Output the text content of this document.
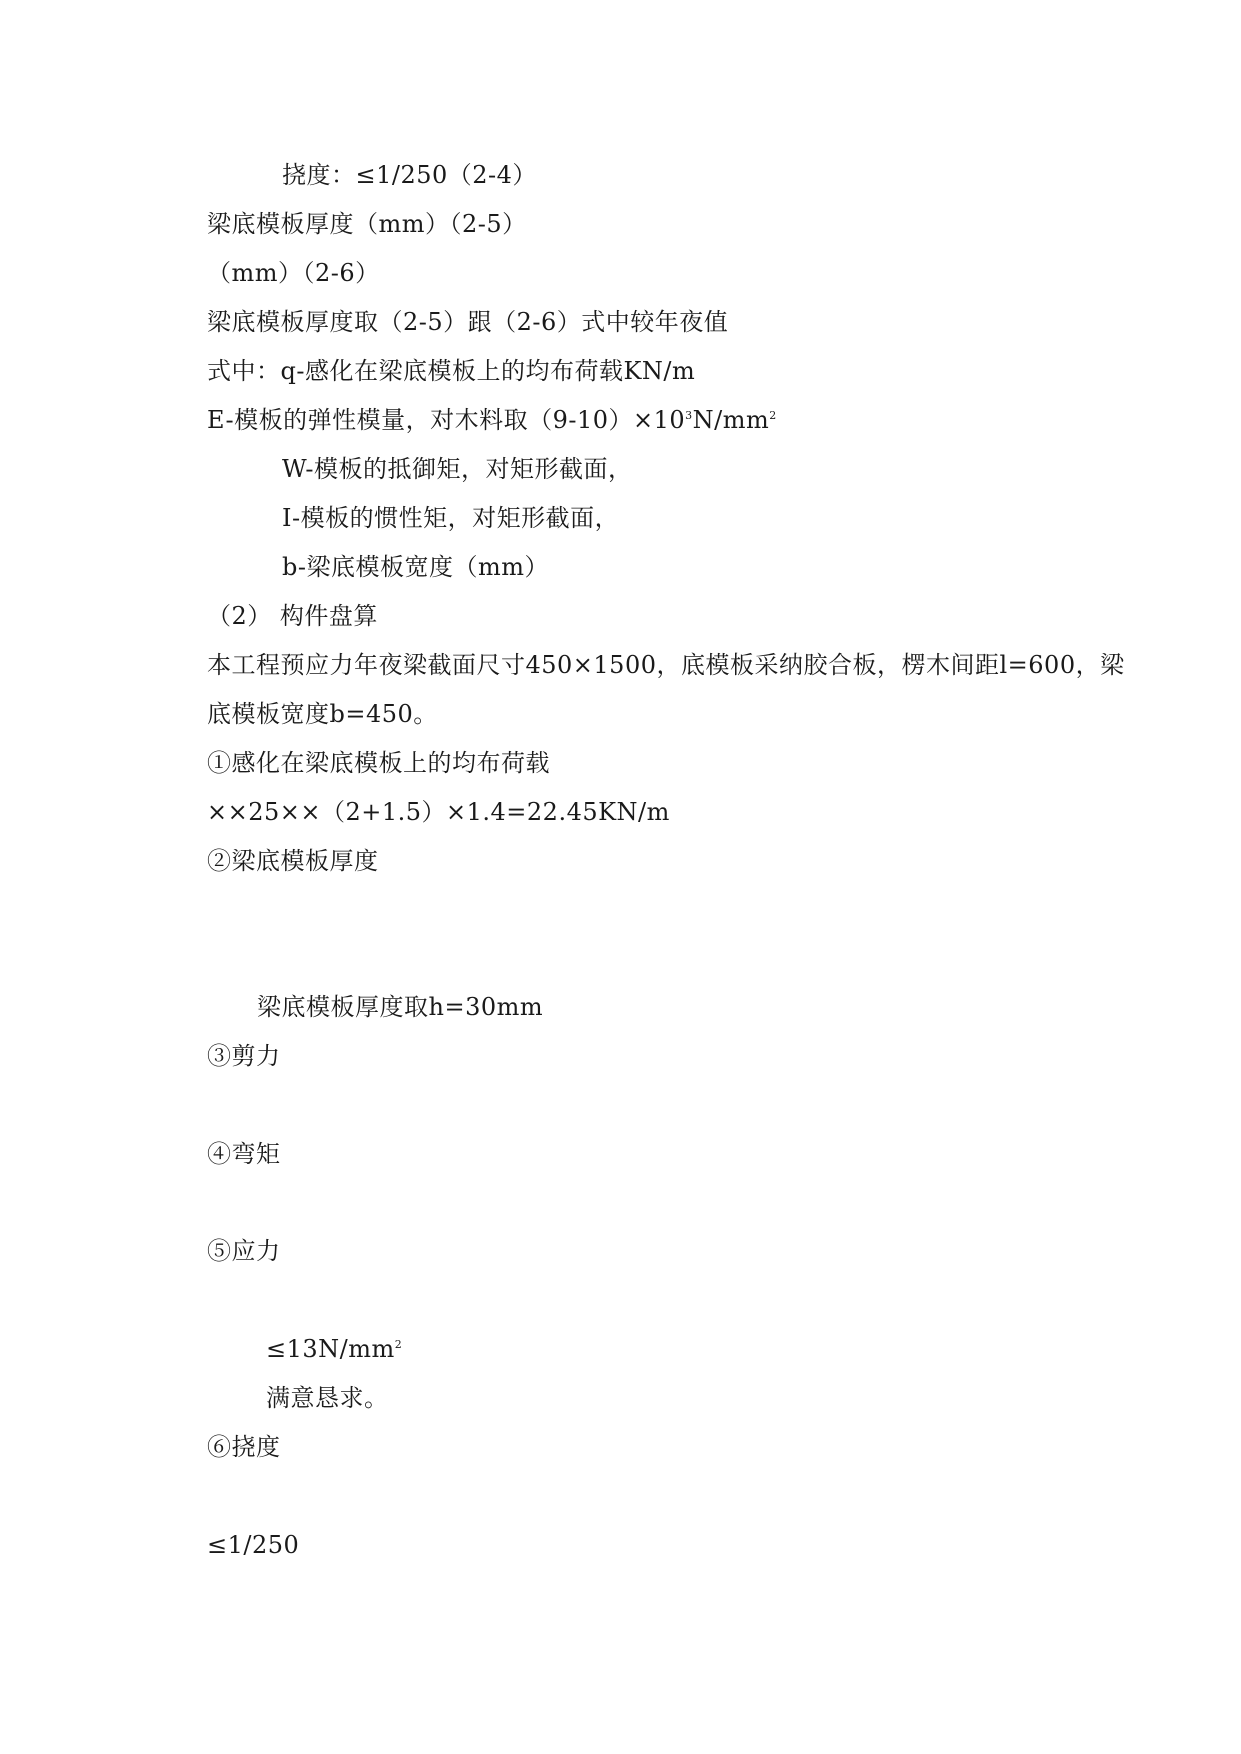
挠度：≤1/250（2-4）
梁底模板厚度（mm）（2-5）
（mm）（2-6）
梁底模板厚度取（2-5）跟（2-6）式中较年夜值
式中：q-感化在梁底模板上的均布荷载KN/m
E-模板的弹性模量，对木料取$(9-10)\times 10^3N/mm^2$
W-模板的抵御矩，对矩形截面，
I-模板的惯性矩，对矩形截面，
b-梁底模板宽度（mm）
（2） 构件盘算
本工程预应力年夜梁截面尺寸450×1500，底模板采纳胶合板，楞木间距l=600，梁
底模板宽度b=450。
①感化在梁底模板上的均布荷载
××25××（2+1.5）×1.4=22.45KN/m
②梁底模板厚度
梁底模板厚度取h=30mm
③剪力
④弯矩
⑤应力
$\le 13N/mm^2$
满意恳求。
⑥挠度
≤1/250
